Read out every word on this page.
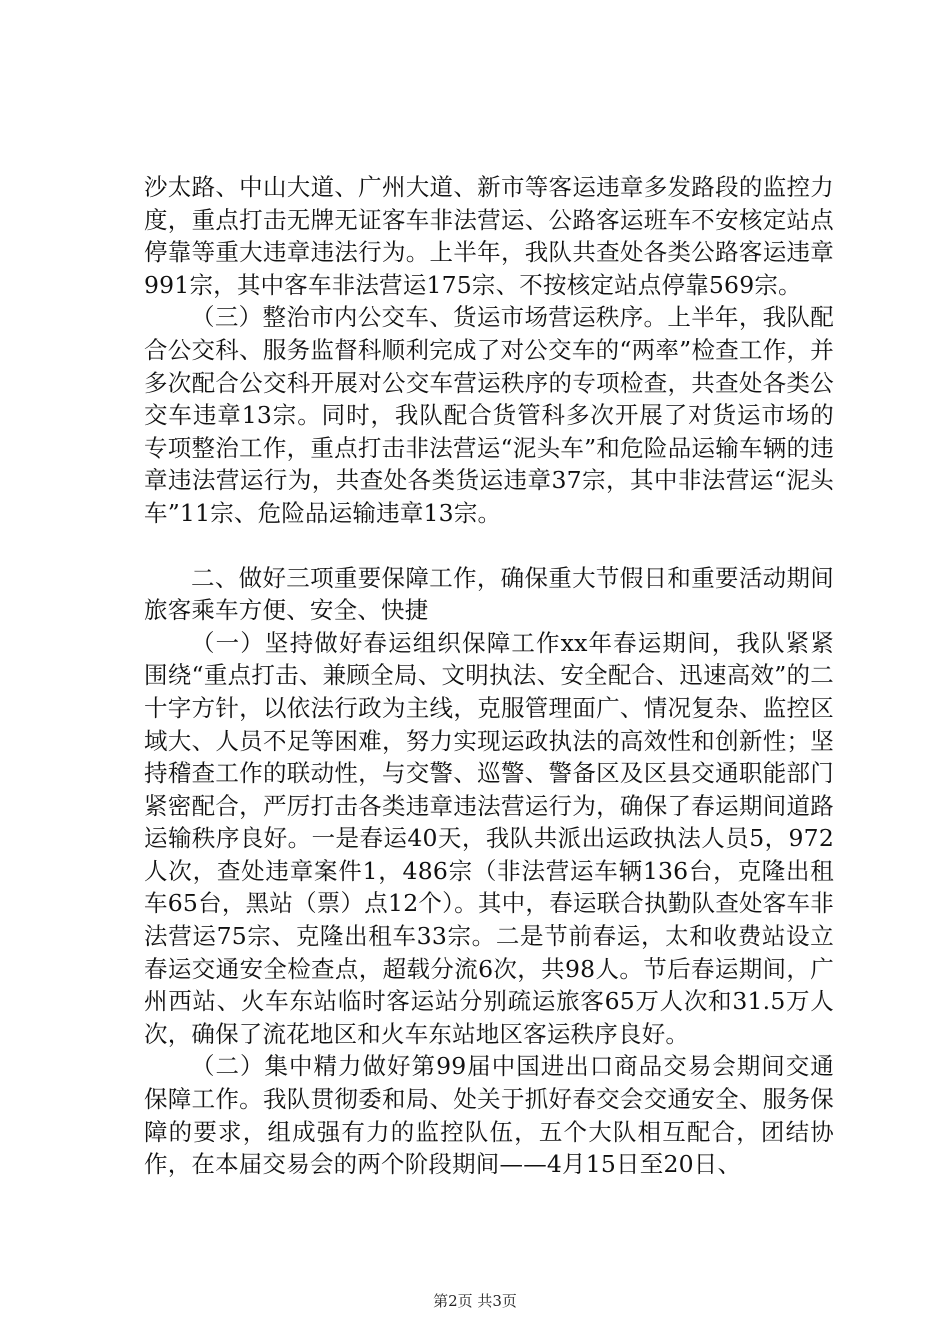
沙太路、中山大道、广州大道、新市等客运违章多发路段的监控力度，重点打击无牌无证客车非法营运、公路客运班车不安核定站点停靠等重大违章违法行为。上半年，我队共查处各类公路客运违章991宗，其中客车非法营运175宗、不按核定站点停靠569宗。

（三）整治市内公交车、货运市场营运秩序。上半年，我队配合公交科、服务监督科顺利完成了对公交车的“两率”检查工作，并多次配合公交科开展对公交车营运秩序的专项检查，共查处各类公交车违章13宗。同时，我队配合货管科多次开展了对货运市场的专项整治工作，重点打击非法营运“泥头车”和危险品运输车辆的违章违法营运行为，共查处各类货运违章37宗，其中非法营运“泥头车”11宗、危险品运输违章13宗。

二、做好三项重要保障工作，确保重大节假日和重要活动期间旅客乘车方便、安全、快捷

（一）坚持做好春运组织保障工作xx年春运期间，我队紧紧围绕“重点打击、兼顾全局、文明执法、安全配合、迅速高效”的二十字方针，以依法行政为主线，克服管理面广、情况复杂、监控区域大、人员不足等困难，努力实现运政执法的高效性和创新性；坚持稽查工作的联动性，与交警、巡警、警备区及区县交通职能部门紧密配合，严厉打击各类违章违法营运行为，确保了春运期间道路运输秩序良好。一是春运40天，我队共派出运政执法人员5，972人次，查处违章案件1，486宗（非法营运车辆136台，克隆出租车65台，黑站（票）点12个）。其中，春运联合执勤队查处客车非法营运75宗、克隆出租车33宗。二是节前春运，太和收费站设立春运交通安全检查点，超载分流6次，共98人。节后春运期间，广州西站、火车东站临时客运站分别疏运旅客65万人次和31.5万人次，确保了流花地区和火车东站地区客运秩序良好。

（二）集中精力做好第99届中国进出口商品交易会期间交通保障工作。我队贯彻委和局、处关于抓好春交会交通安全、服务保障的要求，组成强有力的监控队伍，五个大队相互配合，团结协作，在本届交易会的两个阶段期间——4月15日至20日、

第2页 共3页
